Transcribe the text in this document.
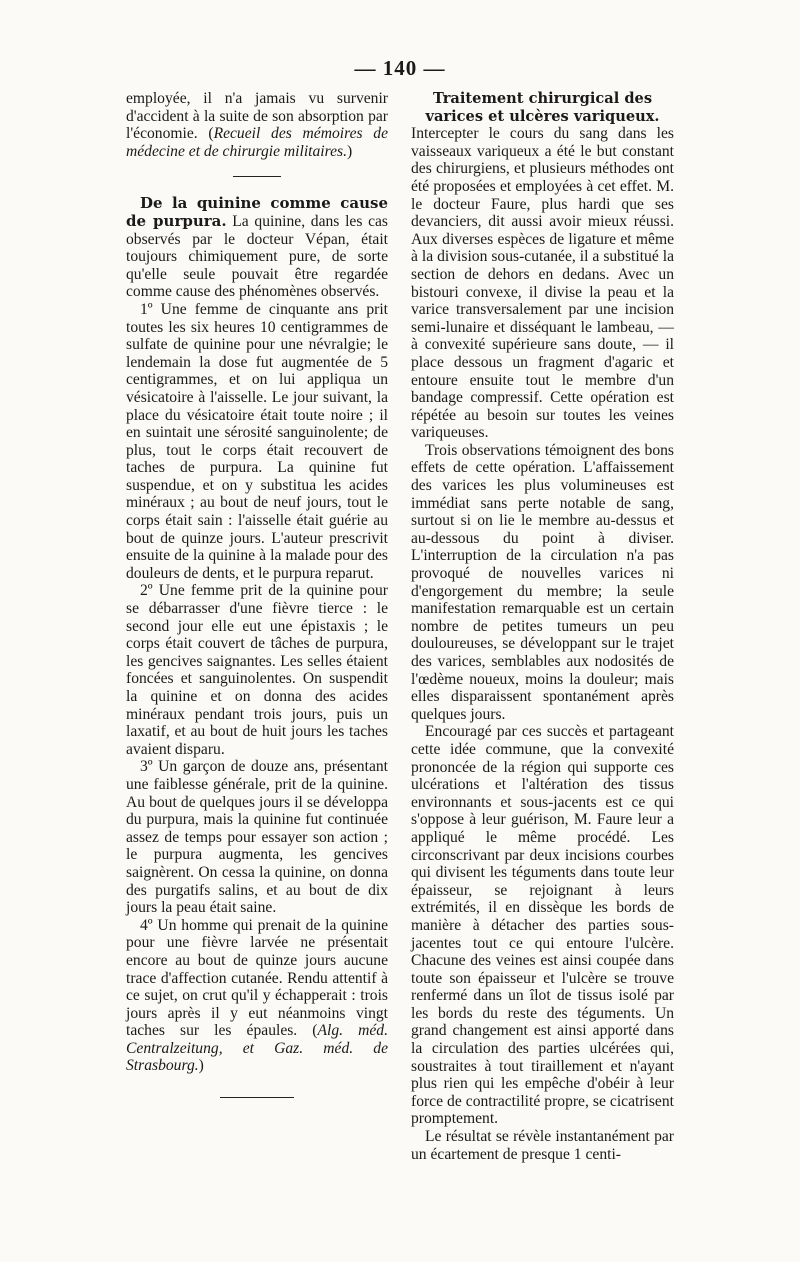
— 140 —

employée, il n'a jamais vu survenir d'accident à la suite de son absorption par l'économie. (Recueil des mémoires de médecine et de chirurgie militaires.)

De la quinine comme cause de purpura. La quinine, dans les cas observés par le docteur Vépan, était toujours chimiquement pure, de sorte qu'elle seule pouvait être regardée comme cause des phénomènes observés.

1º Une femme de cinquante ans prit toutes les six heures 10 centigrammes de sulfate de quinine pour une névralgie; le lendemain la dose fut augmentée de 5 centigrammes, et on lui appliqua un vésicatoire à l'aisselle. Le jour suivant, la place du vésicatoire était toute noire ; il en suintait une sérosité sanguinolente; de plus, tout le corps était recouvert de taches de purpura. La quinine fut suspendue, et on y substitua les acides minéraux ; au bout de neuf jours, tout le corps était sain : l'aisselle était guérie au bout de quinze jours. L'auteur prescrivit ensuite de la quinine à la malade pour des douleurs de dents, et le purpura reparut.

2º Une femme prit de la quinine pour se débarrasser d'une fièvre tierce : le second jour elle eut une épistaxis ; le corps était couvert de tâches de purpura, les gencives saignantes. Les selles étaient foncées et sanguinolentes. On suspendit la quinine et on donna des acides minéraux pendant trois jours, puis un laxatif, et au bout de huit jours les taches avaient disparu.

3º Un garçon de douze ans, présentant une faiblesse générale, prit de la quinine. Au bout de quelques jours il se développa du purpura, mais la quinine fut continuée assez de temps pour essayer son action ; le purpura augmenta, les gencives saignèrent. On cessa la quinine, on donna des purgatifs salins, et au bout de dix jours la peau était saine.

4º Un homme qui prenait de la quinine pour une fièvre larvée ne présentait encore au bout de quinze jours aucune trace d'affection cutanée. Rendu attentif à ce sujet, on crut qu'il y échapperait : trois jours après il y eut néanmoins vingt taches sur les épaules. (Alg. méd. Centralzeitung, et Gaz. méd. de Strasbourg.)

Traitement chirurgical des varices et ulcères variqueux.

Intercepter le cours du sang dans les vaisseaux variqueux a été le but constant des chirurgiens, et plusieurs méthodes ont été proposées et employées à cet effet. M. le docteur Faure, plus hardi que ses devanciers, dit aussi avoir mieux réussi. Aux diverses espèces de ligature et même à la division sous-cutanée, il a substitué la section de dehors en dedans. Avec un bistouri convexe, il divise la peau et la varice transversalement par une incision semi-lunaire et disséquant le lambeau, — à convexité supérieure sans doute, — il place dessous un fragment d'agaric et entoure ensuite tout le membre d'un bandage compressif. Cette opération est répétée au besoin sur toutes les veines variqueuses.

Trois observations témoignent des bons effets de cette opération. L'affaissement des varices les plus volumineuses est immédiat sans perte notable de sang, surtout si on lie le membre au-dessus et au-dessous du point à diviser. L'interruption de la circulation n'a pas provoqué de nouvelles varices ni d'engorgement du membre; la seule manifestation remarquable est un certain nombre de petites tumeurs un peu douloureuses, se développant sur le trajet des varices, semblables aux nodosités de l'œdème noueux, moins la douleur; mais elles disparaissent spontanément après quelques jours.

Encouragé par ces succès et partageant cette idée commune, que la convexité prononcée de la région qui supporte ces ulcérations et l'altération des tissus environnants et sous-jacents est ce qui s'oppose à leur guérison, M. Faure leur a appliqué le même procédé. Les circonscrivant par deux incisions courbes qui divisent les téguments dans toute leur épaisseur, se rejoignant à leurs extrémités, il en dissèque les bords de manière à détacher des parties sous-jacentes tout ce qui entoure l'ulcère. Chacune des veines est ainsi coupée dans toute son épaisseur et l'ulcère se trouve renfermé dans un îlot de tissus isolé par les bords du reste des téguments. Un grand changement est ainsi apporté dans la circulation des parties ulcérées qui, soustraites à tout tiraillement et n'ayant plus rien qui les empêche d'obéir à leur force de contractilité propre, se cicatrisent promptement.

Le résultat se révèle instantanément par un écartement de presque 1 centi-
